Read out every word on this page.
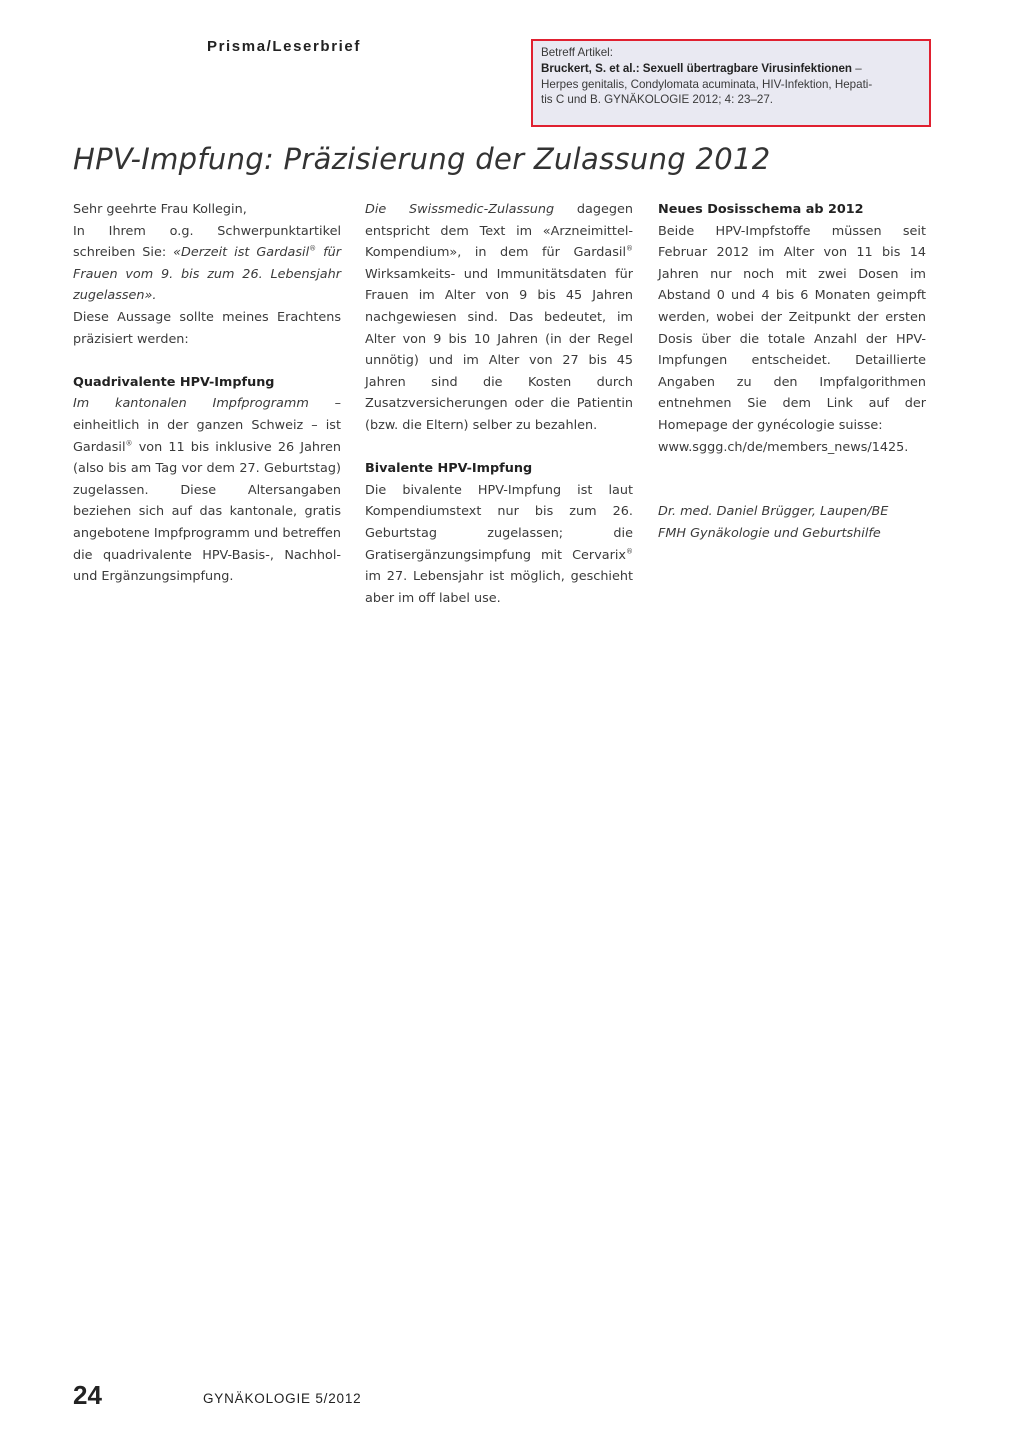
Prisma/Leserbrief	Betreff Artikel:
Bruckert, S. et al.: Sexuell übertragbare Virusinfektionen –
Herpes genitalis, Condylomata acuminata, HIV-Infektion, Hepati-
tis C und B. GYNÄKOLOGIE 2012; 4: 23–27.
HPV-Impfung: Präzisierung der Zulassung 2012

Sehr geehrte Frau Kollegin,

In Ihrem o.g. Schwerpunktartikel schreiben Sie: «Derzeit ist Gardasil® für Frauen vom 9. bis zum 26. Lebensjahr zugelassen».

Diese Aussage sollte meines Erachtens präzisiert werden:

Quadrivalente HPV-Impfung

Im kantonalen Impfprogramm – einheitlich in der ganzen Schweiz – ist Gardasil® von 11 bis inklusive 26 Jahren (also bis am Tag vor dem 27. Geburtstag) zugelassen. Diese Altersangaben beziehen sich auf das kantonale, gratis angebotene Impfprogramm und betreffen die quadrivalente HPV-Basis-, Nachhol- und Ergänzungsimpfung.

Die Swissmedic-Zulassung dagegen entspricht dem Text im «Arzneimittel-Kompendium», in dem für Gardasil® Wirksamkeits- und Immunitätsdaten für Frauen im Alter von 9 bis 45 Jahren nachgewiesen sind. Das bedeutet, im Alter von 9 bis 10 Jahren (in der Regel unnötig) und im Alter von 27 bis 45 Jahren sind die Kosten durch Zusatzversicherungen oder die Patientin (bzw. die Eltern) selber zu bezahlen.

Bivalente HPV-Impfung

Die bivalente HPV-Impfung ist laut Kompendiumstext nur bis zum 26. Geburtstag zugelassen; die Gratisergänzungsimpfung mit Cervarix® im 27. Lebensjahr ist möglich, geschieht aber im off label use.

Neues Dosisschema ab 2012

Beide HPV-Impfstoffe müssen seit Februar 2012 im Alter von 11 bis 14 Jahren nur noch mit zwei Dosen im Abstand 0 und 4 bis 6 Monaten geimpft werden, wobei der Zeitpunkt der ersten Dosis über die totale Anzahl der HPV-Impfungen entscheidet. Detaillierte Angaben zu den Impfalgorithmen entnehmen Sie dem Link auf der Homepage der gynécologie suisse:

www.sggg.ch/de/members_news/1425.

Dr. med. Daniel Brügger, Laupen/BE

FMH Gynäkologie und Geburtshilfe

24	GYNÄKOLOGIE 5/2012
